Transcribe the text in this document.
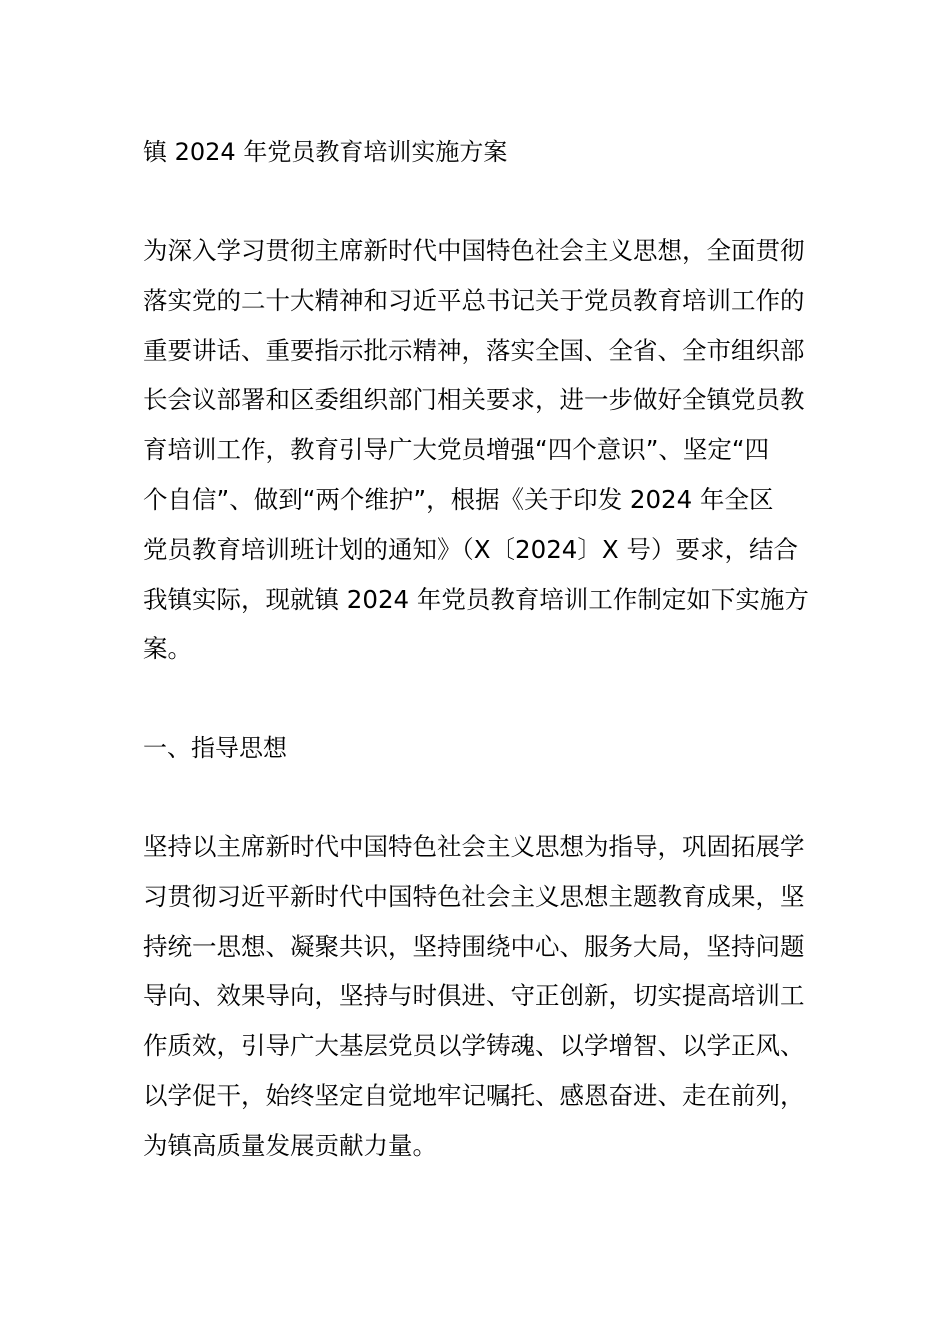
镇 2024 年党员教育培训实施方案

为深入学习贯彻主席新时代中国特色社会主义思想，全面贯彻
落实党的二十大精神和习近平总书记关于党员教育培训工作的
重要讲话、重要指示批示精神，落实全国、全省、全市组织部
长会议部署和区委组织部门相关要求，进一步做好全镇党员教
育培训工作，教育引导广大党员增强“四个意识”、坚定“四
个自信”、做到“两个维护”，根据《关于印发 2024 年全区
党员教育培训班计划的通知》（X〔2024〕X 号）要求，结合
我镇实际，现就镇 2024 年党员教育培训工作制定如下实施方
案。

一、指导思想

坚持以主席新时代中国特色社会主义思想为指导，巩固拓展学
习贯彻习近平新时代中国特色社会主义思想主题教育成果，坚
持统一思想、凝聚共识，坚持围绕中心、服务大局，坚持问题
导向、效果导向，坚持与时俱进、守正创新，切实提高培训工
作质效，引导广大基层党员以学铸魂、以学增智、以学正风、
以学促干，始终坚定自觉地牢记嘱托、感恩奋进、走在前列，
为镇高质量发展贡献力量。
